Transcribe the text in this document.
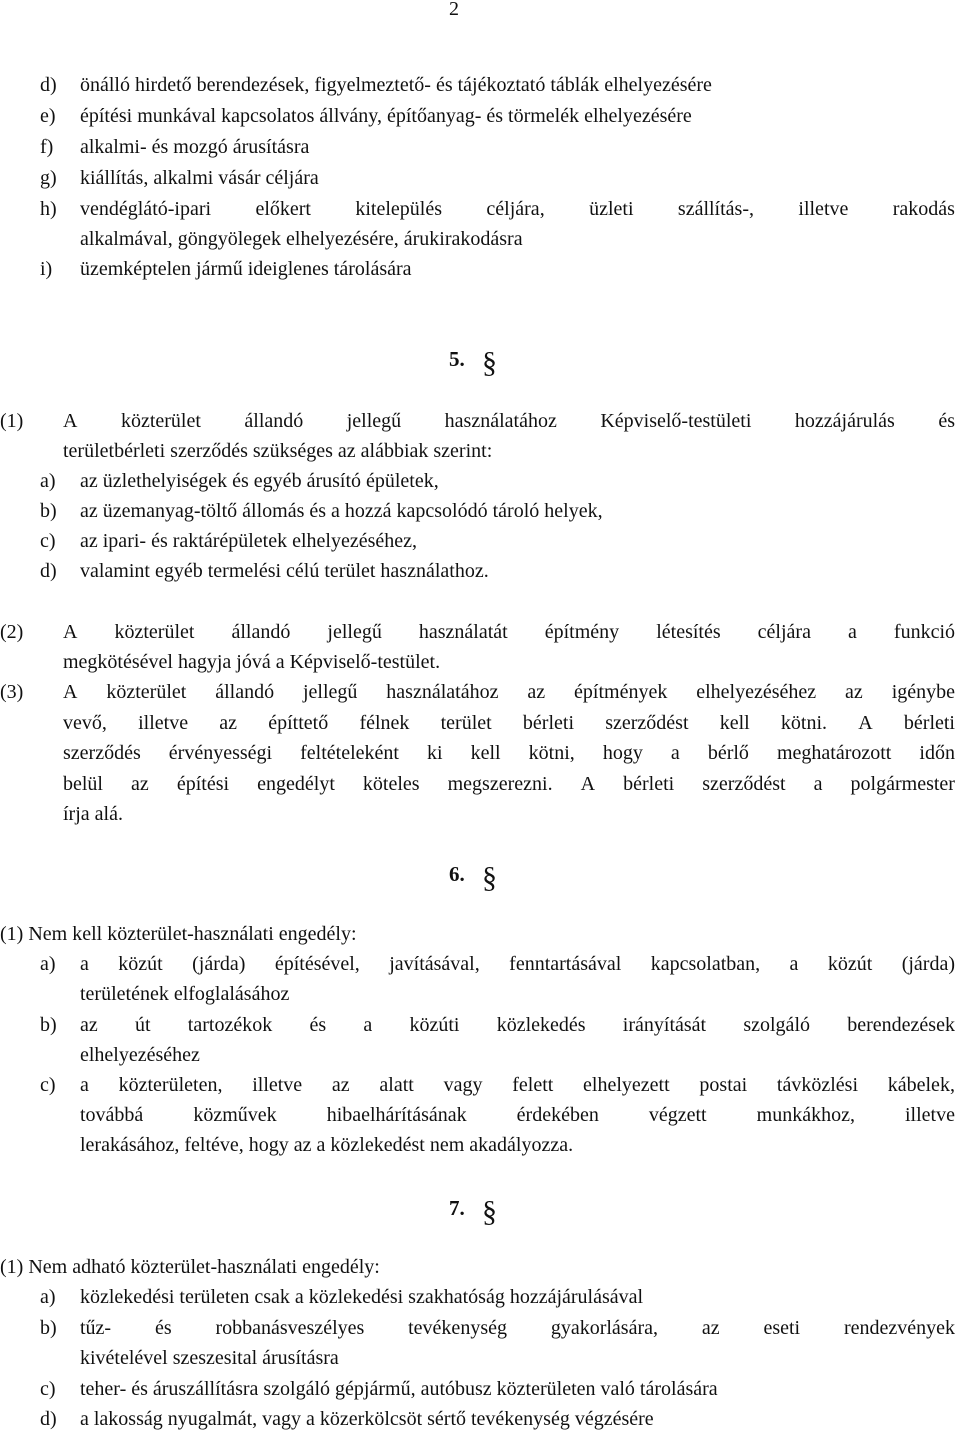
2
d) önálló hirdető berendezések, figyelmeztető- és tájékoztató táblák elhelyezésére
e) építési munkával kapcsolatos állvány, építőanyag- és törmelék elhelyezésére
f) alkalmi- és mozgó árusításra
g) kiállítás, alkalmi vásár céljára
h) vendéglátó-ipari előkert kitelepülés céljára, üzleti szállítás-, illetve rakodás
alkalmával, göngyölegek elhelyezésére, árukirakodásra
i) üzemképtelen jármű ideiglenes tárolására
5. §
(1) A közterület állandó jellegű használatához Képviselő-testületi hozzájárulás és
területbérleti szerződés szükséges az alábbiak szerint:
a) az üzlethelyiségek és egyéb árusító épületek,
b) az üzemanyag-töltő állomás és a hozzá kapcsolódó tároló helyek,
c) az ipari- és raktárépületek elhelyezéséhez,
d) valamint egyéb termelési célú terület használathoz.
(2) A közterület állandó jellegű használatát építmény létesítés céljára a funkció
megkötésével hagyja jóvá a Képviselő-testület.
(3) A közterület állandó jellegű használatához az építmények elhelyezéséhez az igénybe
vevő, illetve az építtető félnek terület bérleti szerződést kell kötni. A bérleti
szerződés érvényességi feltételeként ki kell kötni, hogy a bérlő meghatározott időn
belül az építési engedélyt köteles megszerezni. A bérleti szerződést a polgármester
írja alá.
6. §
(1) Nem kell közterület-használati engedély:
a) a közút (járda) építésével, javításával, fenntartásával kapcsolatban, a közút (járda)
területének elfoglalásához
b) az út tartozékok és a közúti közlekedés irányítását szolgáló berendezések
elhelyezéséhez
c) a közterületen, illetve az alatt vagy felett elhelyezett postai távközlési kábelek,
továbbá	közművek	hibaelhárításának	érdekében	végzett	munkákhoz,	illetve
lerakásához, feltéve, hogy az a közlekedést nem akadályozza.
7. §
(1) Nem adható közterület-használati engedély:
a) közlekedési területen csak a közlekedési szakhatóság hozzájárulásával
b) tűz- és robbanásveszélyes tevékenység gyakorlására, az eseti rendezvények
kivételével szeszesital árusításra
c) teher- és áruszállításra szolgáló gépjármű, autóbusz közterületen való tárolására
d) a lakosság nyugalmát, vagy a közerkölcsöt sértő tevékenység végzésére
